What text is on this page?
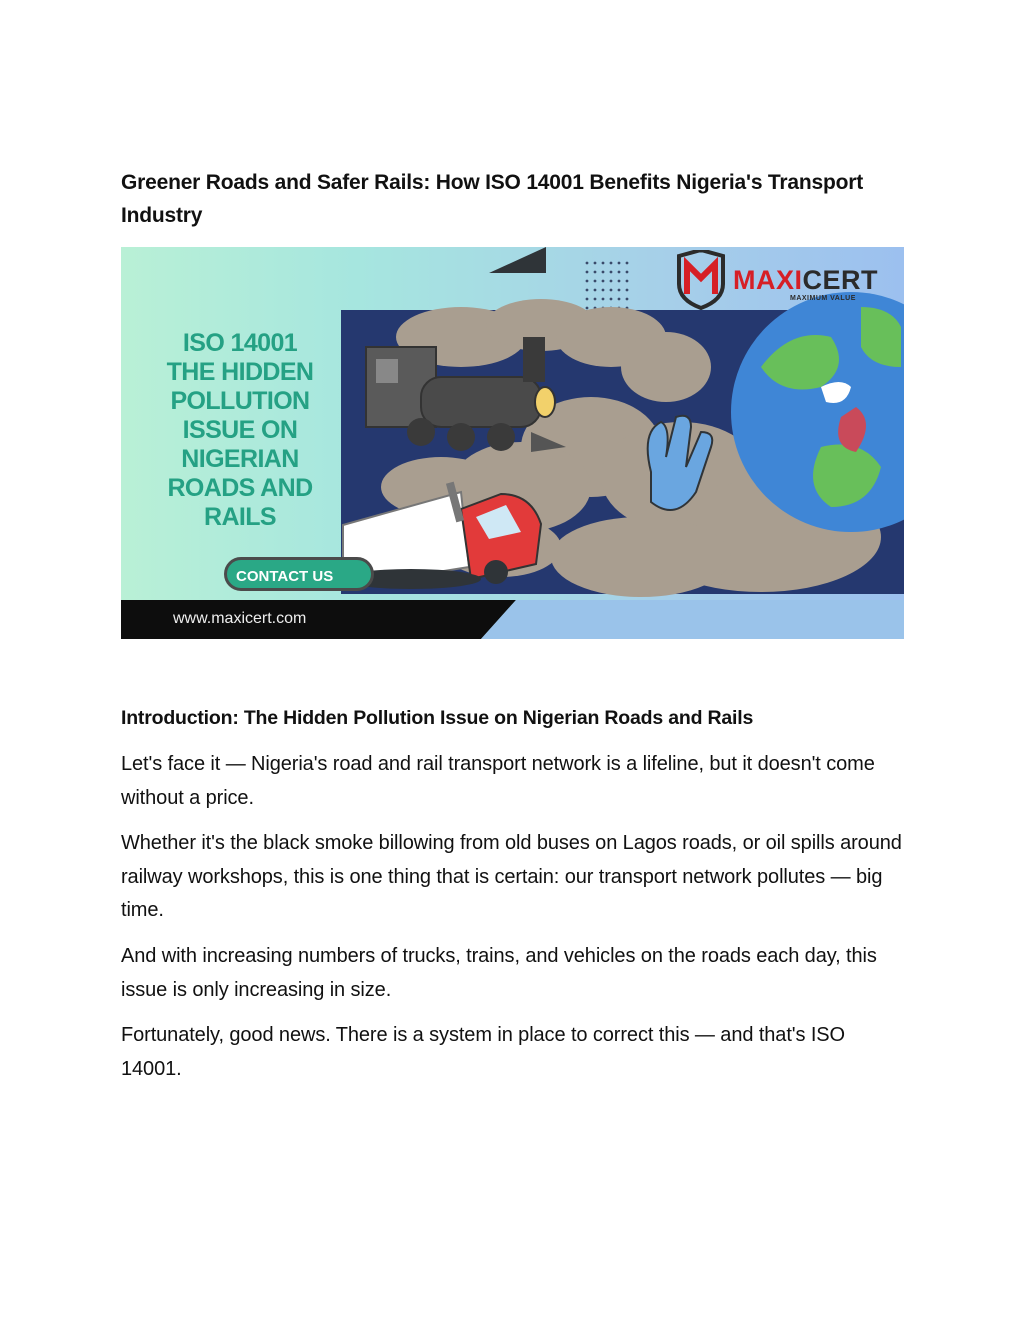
Greener Roads and Safer Rails: How ISO 14001 Benefits Nigeria's Transport Industry
ISO 14001
THE HIDDEN
POLLUTION
ISSUE ON
NIGERIAN
ROADS AND
RAILS
CONTACT US
www.maxicert.com
MAXICERT
MAXIMUM VALUE
Introduction: The Hidden Pollution Issue on Nigerian Roads and Rails

Let's face it — Nigeria's road and rail transport network is a lifeline, but it doesn't come without a price.

Whether it's the black smoke billowing from old buses on Lagos roads, or oil spills around railway workshops, this is one thing that is certain: our transport network pollutes — big time.

And with increasing numbers of trucks, trains, and vehicles on the roads each day, this issue is only increasing in size.

Fortunately, good news. There is a system in place to correct this — and that's ISO 14001.
